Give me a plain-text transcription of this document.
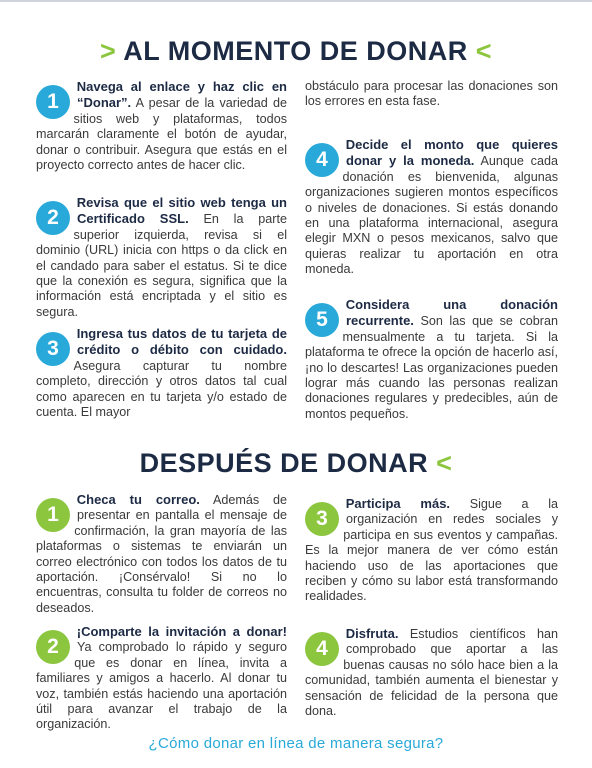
> AL MOMENTO DE DONAR <
1
Navega al enlace y haz clic en “Donar”. A pesar de la variedad de sitios web y plataformas, todos marcarán claramente el botón de ayudar, donar o contribuir. Asegura que estás en el proyecto correcto antes de hacer clic.
2
Revisa que el sitio web tenga un Certificado SSL. En la parte superior izquierda, revisa si el dominio (URL) inicia con https o da click en el candado para saber el estatus. Si te dice que la conexión es segura, significa que la información está encriptada y el sitio es segura.
3
Ingresa tus datos de tu tarjeta de crédito o débito con cuidado. Asegura capturar tu nombre completo, dirección y otros datos tal cual como aparecen en tu tarjeta y/o estado de cuenta. El mayor
obstáculo para procesar las donaciones son los errores en esta fase.
4
Decide el monto que quieres donar y la moneda. Aunque cada donación es bienvenida, algunas organizaciones sugieren montos específicos o niveles de donaciones. Si estás donando en una plataforma internacional, asegura elegir MXN o pesos mexicanos, salvo que quieras realizar tu aportación en otra moneda.
5
Considera una donación recurrente. Son las que se cobran mensualmente a tu tarjeta. Si la plataforma te ofrece la opción de hacerlo así, ¡no lo descartes! Las organizaciones pueden lograr más cuando las personas realizan donaciones regulares y predecibles, aún de montos pequeños.
DESPUÉS DE DONAR <
1
Checa tu correo. Además de presentar en pantalla el mensaje de confirmación, la gran mayoría de las plataformas o sistemas te enviarán un correo electrónico con todos los datos de tu aportación. ¡Consérvalo! Si no lo encuentras, consulta tu folder de correos no deseados.
2
¡Comparte la invitación a donar! Ya comprobado lo rápido y seguro que es donar en línea, invita a familiares y amigos a hacerlo. Al donar tu voz, también estás haciendo una aportación útil para avanzar el trabajo de la organización.
3
Participa más. Sigue a la organización en redes sociales y participa en sus eventos y campañas. Es la mejor manera de ver cómo están haciendo uso de las aportaciones que reciben y cómo su labor está transformando realidades.
4
Disfruta. Estudios científicos han comprobado que aportar a las buenas causas no sólo hace bien a la comunidad, también aumenta el bienestar y sensación de felicidad de la persona que dona.
¿Cómo donar en línea de manera segura?
